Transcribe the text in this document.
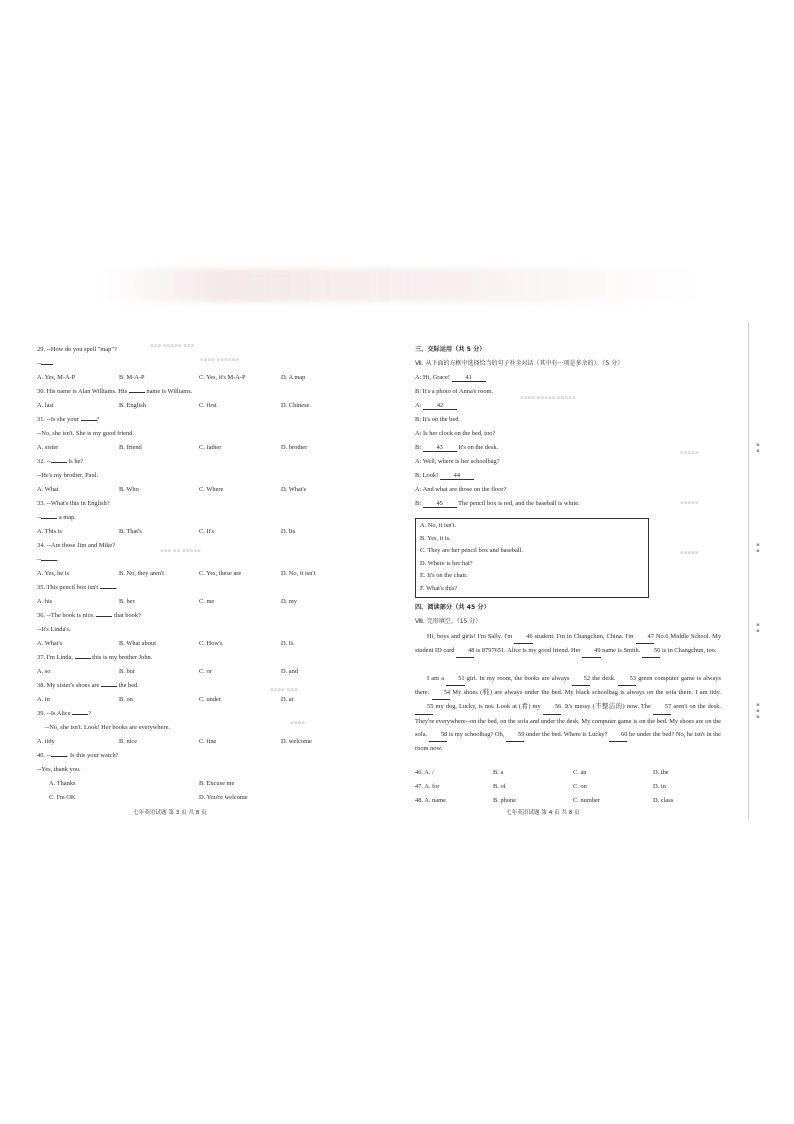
▪▪▪ ▪▪▪▪▪ ▪▪▪
▪▪▪▪ ▪▪▪▪▪▪
▪▪▪ ▪▪ ▪▪▪▪▪
▪▪▪▪ ▪▪▪
▪▪▪▪
▪▪▪▪ ▪▪▪▪▪ ▪▪▪▪▪
▪▪▪▪▪
▪▪▪▪▪
▪▪▪▪▪
29. --How do you spell "map"?
--
A. Yes, M-A-P	B. M-A-P	C. Yes, it's M-A-P	D. A map
30. His name is Alan Williams. His	name is Williams.
A. last	B. English	C. first	D. Chinese
31. --Is she your	?
--No, she isn't. She is my good friend.
A. sister	B. friend	C. father	D. brother
32. --	is he?
--He's my brother, Paul.
A. What	B. Who	C. Where	D. What's
33. --What's this in English?
--	a map.
A. This is	B. That's	C. It's	D. Its
34. --Are those Jim and Mike?
--	.
A. Yes, he is	B. No, they aren't	C. Yes, these are	D. No, it isn't
35. This pencil box isn't	.
A. his	B. her	C. me	D. my
36. --The book is nice.	that book?
--It's Linda's.
A. What's	B. What about	C. How's	D. Is
37. I'm Linda,	this is my brother John.
A. so	B. but	C. or	D. and
38. My sister's shoes are	the bed.
A. in	B. on	C. under	D. at
39. --Is Alice	?
--No, she isn't. Look! Her books are everywhere.
A. tidy	B. nice	C. fine	D. welcome
40. --	. Is this your watch?
--Yes, thank you.
A. Thanks	B. Excuse me
C. I'm OK	D. You're welcome
七年英语试题 第 3 页 共 8 页
三、交际运用（共 5 分）
Ⅶ. 从下面的方框中选择恰当的句子补全对话（其中有一项是多余的）。（5 分）
A: Hi, Grace! 41
B: It's a photo of Anna's room.
A: 42
B: It's on the bed.
A: Is her clock on the bed, too?
B: 43 It's on the desk.
A: Well, where is her schoolbag?
B: Look! 44
A: And what are those on the floor?
B: 45 The pencil box is red, and the baseball is white.
A. No, it isn't.
B. Yes, it is.
C. They are her pencil box and baseball.
D. Where is her hat?
E. It's on the chair.
F. What's this?
四、阅读部分（共 45 分）
Ⅷ. 完形填空。（15 分）
Hi, boys and girls! I'm Sally. I'm 46 student. I'm in Changchun, China. I'm 47 No.6 Middle School. My student ID card 48 is 8797651. Alice is my good friend. Her 49 name is Smith. 50 is in Changchun, too.
I am a 51 girl. In my room, the books are always 52 the desk. 53 green computer game is always there. 54 My shoes (鞋) are always under the bed. My black schoolbag is always on the sofa there. I am tidy. 55 my dog, Lucky, is not. Look at (看) my 56. It's messy (不整洁的) now. The 57 aren't on the desk. They're everywhere--on the bed, on the sofa and under the desk. My computer game is on the bed. My shoes are on the sofa. 58 is my schoolbag? Oh, 59 under the bed. Where is Lucky? 60 he under the bed? No, he isn't in the room now.
46. A. /	B. a	C. an	D. the
47. A. for	B. of	C. on	D. in
48. A. name	B. phone	C. number	D. class
七年英语试题 第 4 页 共 8 页
▪▪
▪▪
▪▪
▪▪▪
